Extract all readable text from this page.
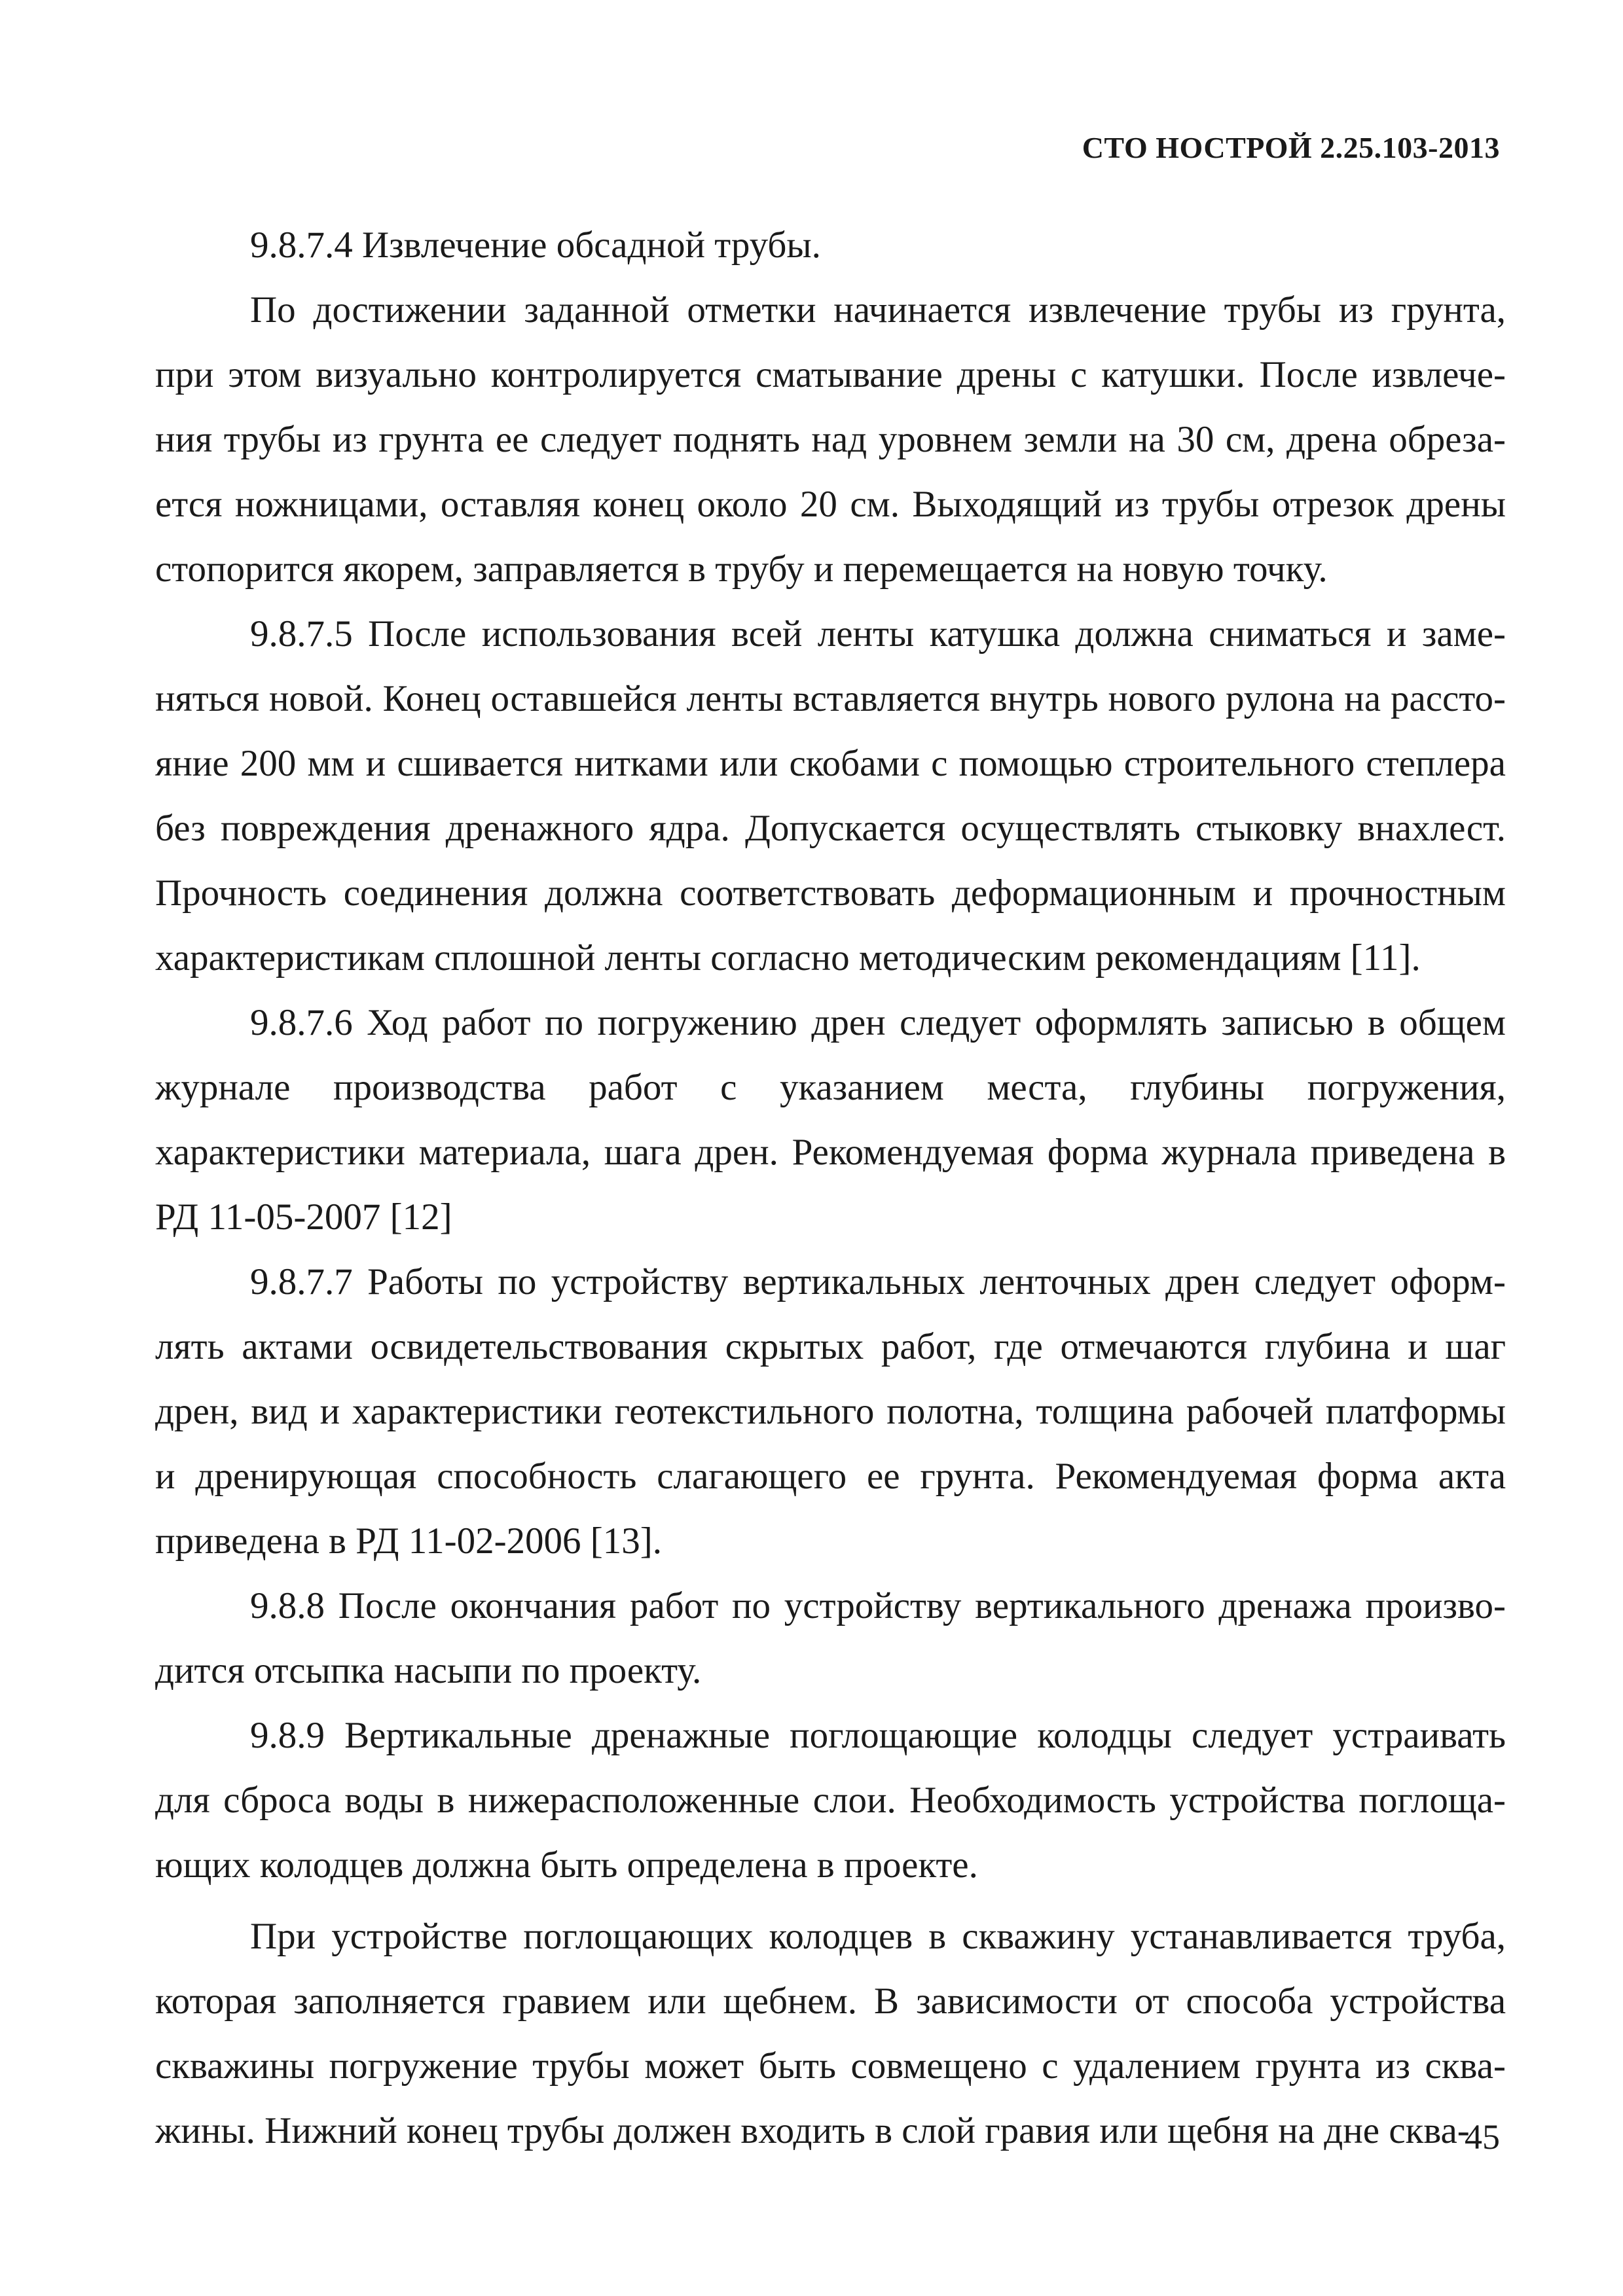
СТО НОСТРОЙ 2.25.103-2013

9.8.7.4 Извлечение обсадной трубы.

По достижении заданной отметки начинается извлечение трубы из грунта, при этом визуально контролируется сматывание дрены с катушки. После извлечения трубы из грунта ее следует поднять над уровнем земли на 30 см, дрена обрезается ножницами, оставляя конец около 20 см. Выходящий из трубы отрезок дрены стопорится якорем, заправляется в трубу и перемещается на новую точку.

9.8.7.5 После использования всей ленты катушка должна сниматься и заменяться новой. Конец оставшейся ленты вставляется внутрь нового рулона на расстояние 200 мм и сшивается нитками или скобами с помощью строительного степлера без повреждения дренажного ядра. Допускается осуществлять стыковку внахлест. Прочность соединения должна соответствовать деформационным и прочностным характеристикам сплошной ленты согласно методическим рекомендациям [11].

9.8.7.6 Ход работ по погружению дрен следует оформлять записью в общем журнале производства работ с указанием места, глубины погружения, характеристики материала, шага дрен. Рекомендуемая форма журнала приведена в РД 11-05-2007 [12]

9.8.7.7 Работы по устройству вертикальных ленточных дрен следует оформлять актами освидетельствования скрытых работ, где отмечаются глубина и шаг дрен, вид и характеристики геотекстильного полотна, толщина рабочей платформы и дренирующая способность слагающего ее грунта. Рекомендуемая форма акта приведена в РД 11-02-2006 [13].

9.8.8 После окончания работ по устройству вертикального дренажа производится отсыпка насыпи по проекту.

9.8.9 Вертикальные дренажные поглощающие колодцы следует устраивать для сброса воды в нижерасположенные слои. Необходимость устройства поглощающих колодцев должна быть определена в проекте.

При устройстве поглощающих колодцев в скважину устанавливается труба, которая заполняется гравием или щебнем. В зависимости от способа устройства скважины погружение трубы может быть совмещено с удалением грунта из скважины. Нижний конец трубы должен входить в слой гравия или щебня на дне сква-

45
